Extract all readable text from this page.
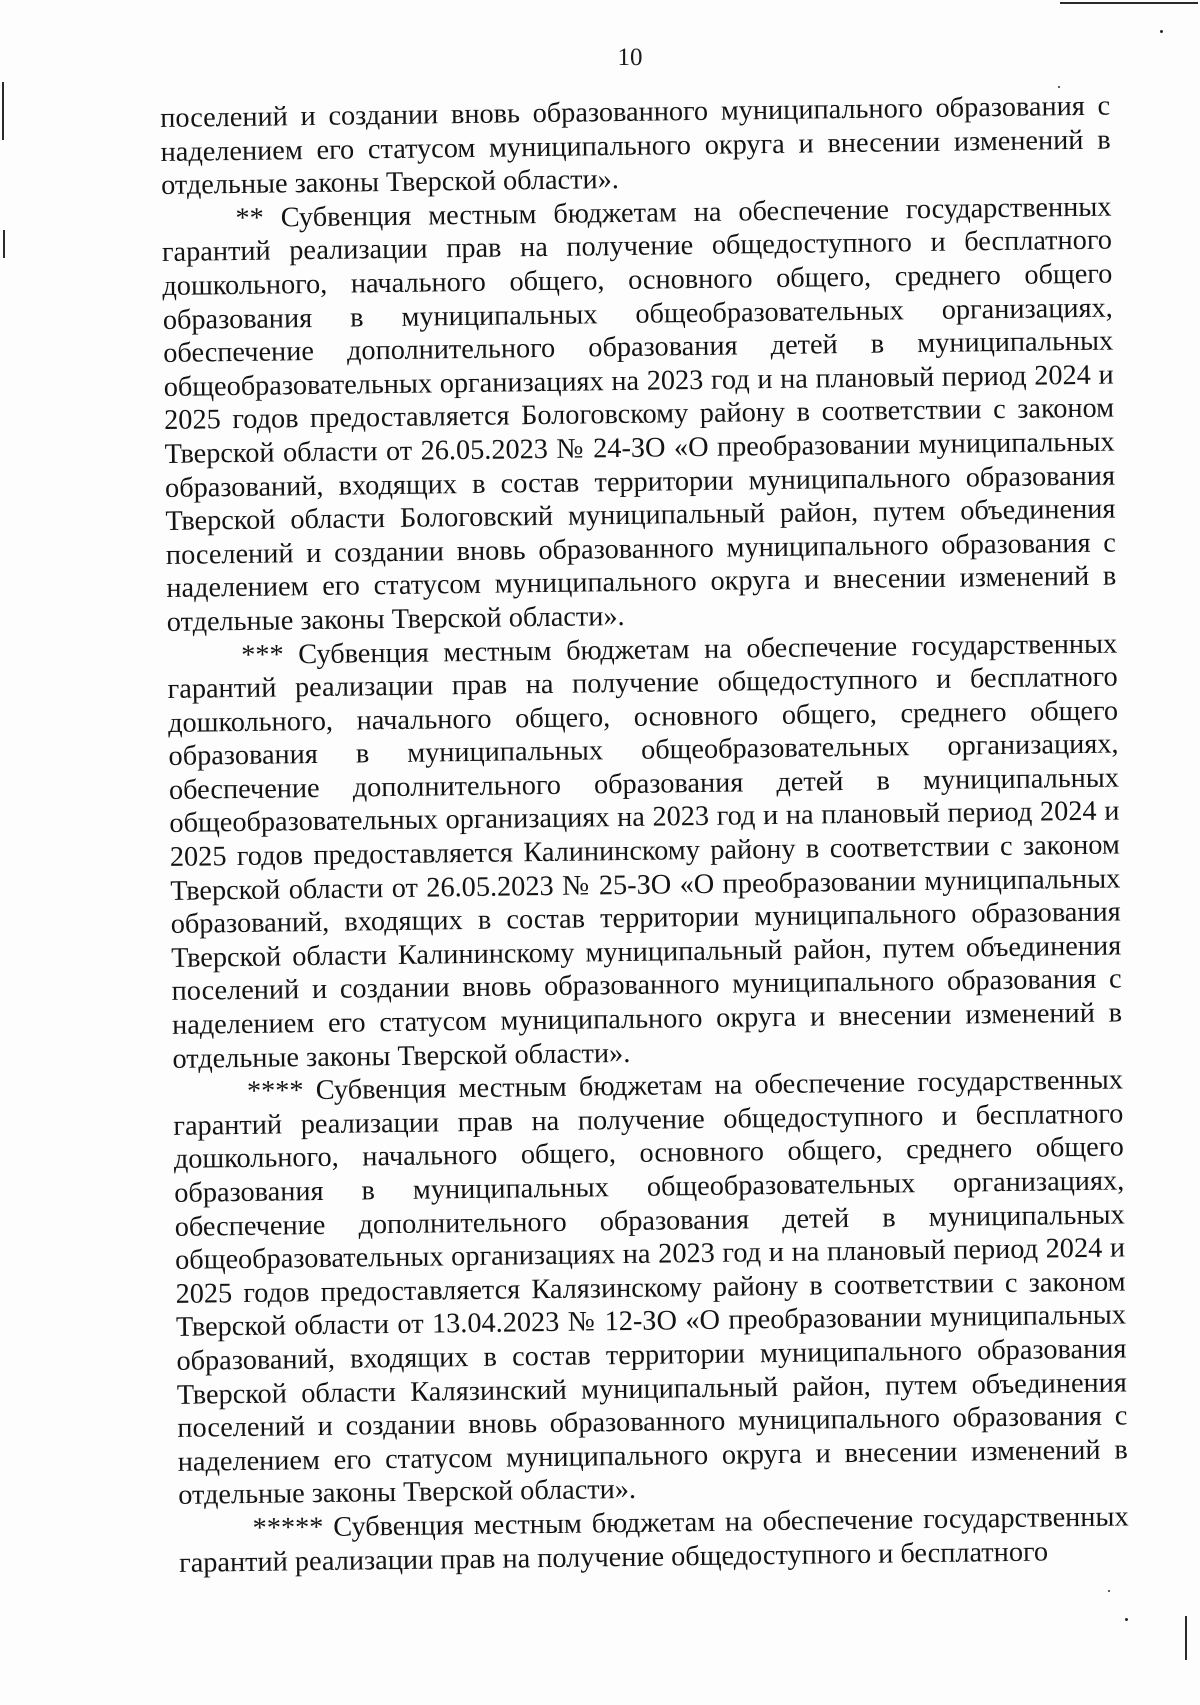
10

поселений и создании вновь образованного муниципального образования с наделением его статусом муниципального округа и внесении изменений в отдельные законы Тверской области».

** Субвенция местным бюджетам на обеспечение государственных гарантий реализации прав на получение общедоступного и бесплатного дошкольного, начального общего, основного общего, среднего общего образования в муниципальных общеобразовательных организациях, обеспечение дополнительного образования детей в муниципальных общеобразовательных организациях на 2023 год и на плановый период 2024 и 2025 годов предоставляется Бологовскому району в соответствии с законом Тверской области от 26.05.2023 № 24-ЗО «О преобразовании муниципальных образований, входящих в состав территории муниципального образования Тверской области Бологовский муниципальный район, путем объединения поселений и создании вновь образованного муниципального образования с наделением его статусом муниципального округа и внесении изменений в отдельные законы Тверской области».

*** Субвенция местным бюджетам на обеспечение государственных гарантий реализации прав на получение общедоступного и бесплатного дошкольного, начального общего, основного общего, среднего общего образования в муниципальных общеобразовательных организациях, обеспечение дополнительного образования детей в муниципальных общеобразовательных организациях на 2023 год и на плановый период 2024 и 2025 годов предоставляется Калининскому району в соответствии с законом Тверской области от 26.05.2023 № 25-ЗО «О преобразовании муниципальных образований, входящих в состав территории муниципального образования Тверской области Калининскому муниципальный район, путем объединения поселений и создании вновь образованного муниципального образования с наделением его статусом муниципального округа и внесении изменений в отдельные законы Тверской области».

**** Субвенция местным бюджетам на обеспечение государственных гарантий реализации прав на получение общедоступного и бесплатного дошкольного, начального общего, основного общего, среднего общего образования в муниципальных общеобразовательных организациях, обеспечение дополнительного образования детей в муниципальных общеобразовательных организациях на 2023 год и на плановый период 2024 и 2025 годов предоставляется Калязинскому району в соответствии с законом Тверской области от 13.04.2023 № 12-ЗО «О преобразовании муниципальных образований, входящих в состав территории муниципального образования Тверской области Калязинский муниципальный район, путем объединения поселений и создании вновь образованного муниципального образования с наделением его статусом муниципального округа и внесении изменений в отдельные законы Тверской области».

***** Субвенция местным бюджетам на обеспечение государственных гарантий реализации прав на получение общедоступного и бесплатного
